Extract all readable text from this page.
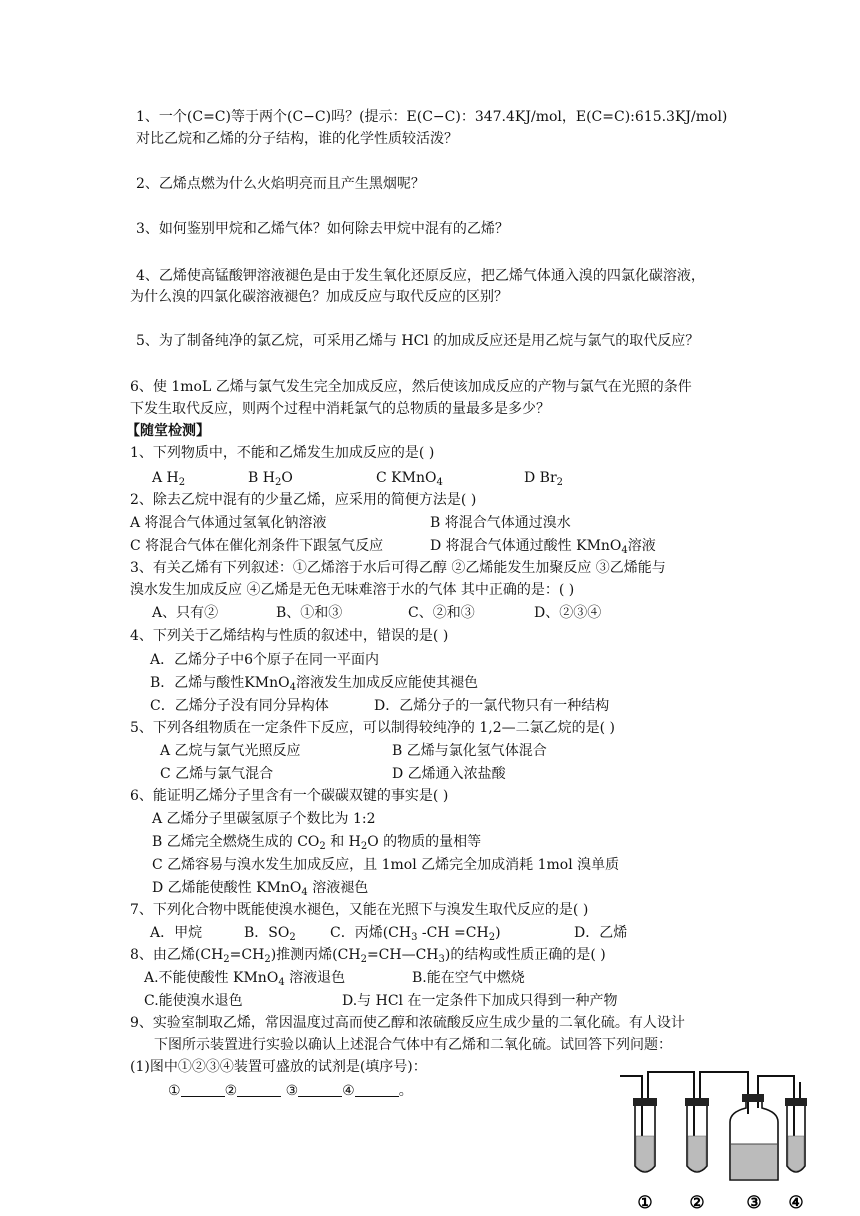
1、一个(C=C)等于两个(C−C)吗？(提示：E(C−C)：347.4KJ/mol，E(C=C):615.3KJ/mol)
对比乙烷和乙烯的分子结构，谁的化学性质较活泼？
2、乙烯点燃为什么火焰明亮而且产生黑烟呢？
3、如何鉴别甲烷和乙烯气体？如何除去甲烷中混有的乙烯？
4、乙烯使高锰酸钾溶液褪色是由于发生氧化还原反应，把乙烯气体通入溴的四氯化碳溶液，
为什么溴的四氯化碳溶液褪色？加成反应与取代反应的区别？
5、为了制备纯净的氯乙烷，可采用乙烯与 HCl 的加成反应还是用乙烷与氯气的取代反应？
6、使 1moL 乙烯与氯气发生完全加成反应，然后使该加成反应的产物与氯气在光照的条件
下发生取代反应，则两个过程中消耗氯气的总物质的量最多是多少？
【随堂检测】
1、下列物质中，不能和乙烯发生加成反应的是( )
A $H_2$	B $H_2O$	C KMnO$_4$	D $Br_2$
2、除去乙烷中混有的少量乙烯，应采用的简便方法是( )
A 将混合气体通过氢氧化钠溶液	B 将混合气体通过溴水
C 将混合气体在催化剂条件下跟氢气反应	D 将混合气体通过酸性 KMnO$_4$溶液
3、有关乙烯有下列叙述：①乙烯溶于水后可得乙醇 ②乙烯能发生加聚反应 ③乙烯能与
溴水发生加成反应 ④乙烯是无色无味难溶于水的气体 其中正确的是：( )
A、只有②	B、①和③	C、②和③	D、②③④
4、下列关于乙烯结构与性质的叙述中，错误的是( )
A．乙烯分子中6个原子在同一平面内
B．乙烯与酸性KMnO$_4$溶液发生加成反应能使其褪色
C．乙烯分子没有同分异构体	D．乙烯分子的一氯代物只有一种结构
5、下列各组物质在一定条件下反应，可以制得较纯净的 1,2—二氯乙烷的是( )
A 乙烷与氯气光照反应	B 乙烯与氯化氢气体混合
C 乙烯与氯气混合	D 乙烯通入浓盐酸
6、能证明乙烯分子里含有一个碳碳双键的事实是( )
A 乙烯分子里碳氢原子个数比为 1:2
B 乙烯完全燃烧生成的 $CO_2$ 和 $H_2O$ 的物质的量相等
C 乙烯容易与溴水发生加成反应，且 1mol 乙烯完全加成消耗 1mol 溴单质
D 乙烯能使酸性 KMnO$_4$ 溶液褪色
7、下列化合物中既能使溴水褪色，又能在光照下与溴发生取代反应的是( )
A．甲烷	B．$SO_2$ C．丙烯($CH_3$ $-CH =CH_2$)	D．乙烯
8、由乙烯$(CH_2=CH_2)$推测丙烯$(CH_2=CH—CH_3)$的结构或性质正确的是( )
A.不能使酸性 KMnO$_4$ 溶液退色	B.能在空气中燃烧
C.能使溴水退色	D.与 HCl 在一定条件下加成只得到一种产物
9、实验室制取乙烯，常因温度过高而使乙醇和浓硫酸反应生成少量的二氧化硫。有人设计
下图所示装置进行实验以确认上述混合气体中有乙烯和二氧化硫。试回答下列问题：
(1)图中①②③④装置可盛放的试剂是(填序号)：
①	②	③	④	。
① ② ③ ④
